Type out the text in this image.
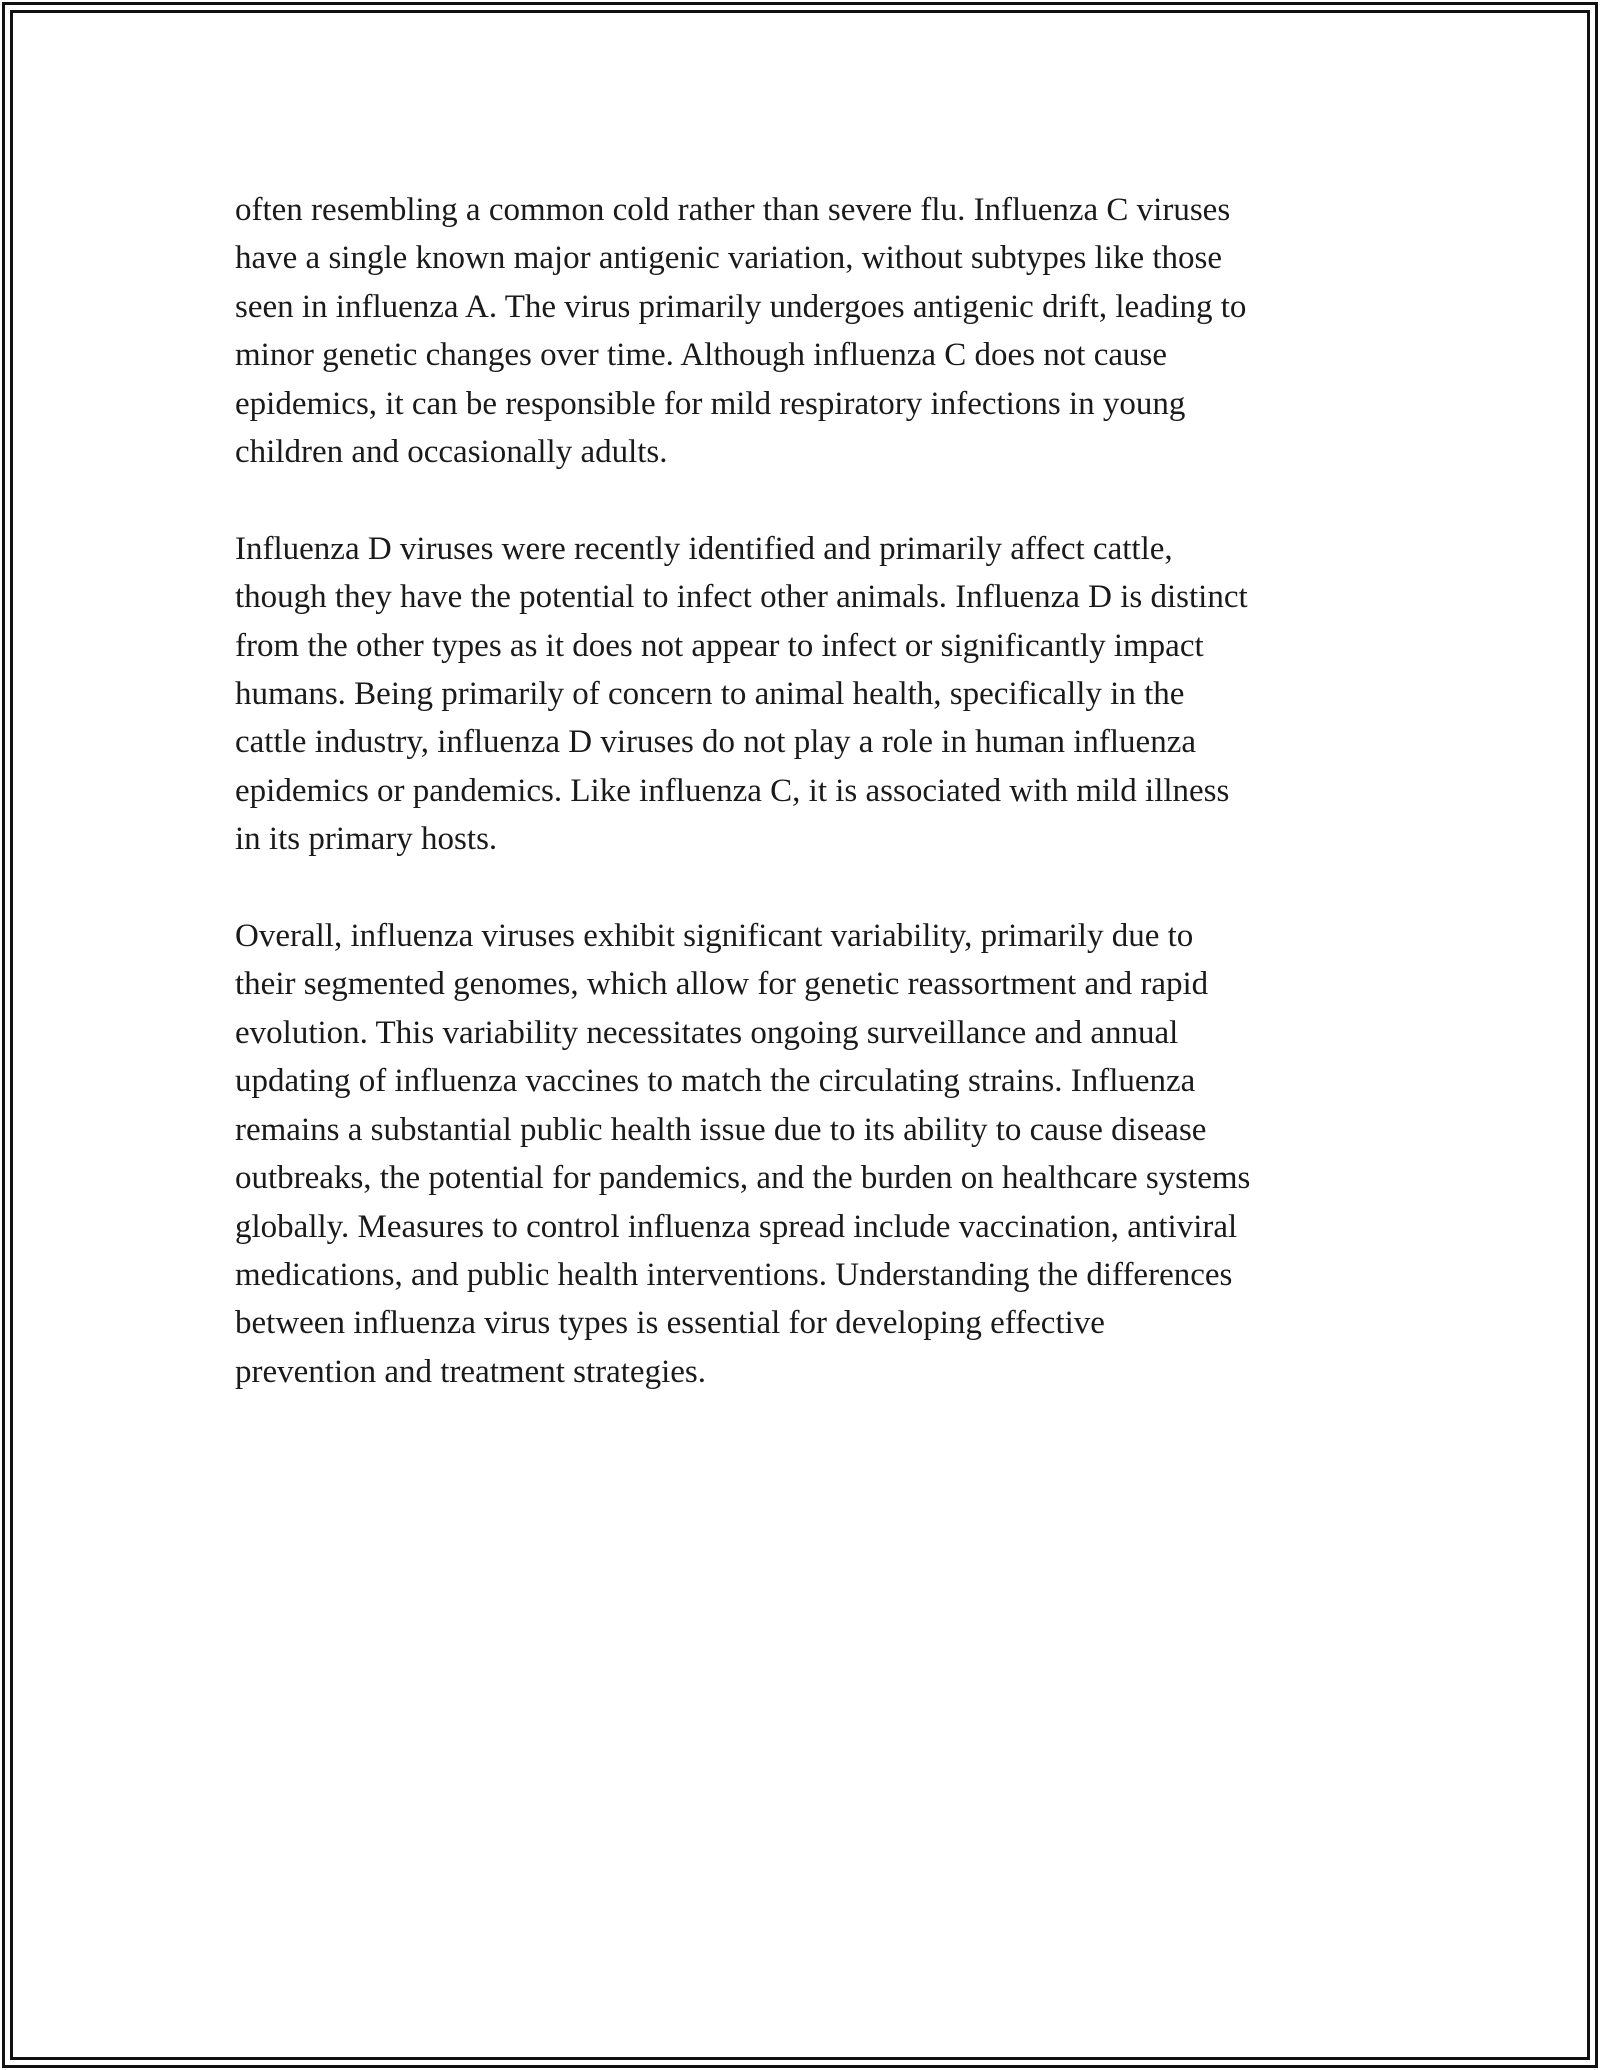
often resembling a common cold rather than severe flu. Influenza C viruses
have a single known major antigenic variation, without subtypes like those
seen in influenza A. The virus primarily undergoes antigenic drift, leading to
minor genetic changes over time. Although influenza C does not cause
epidemics, it can be responsible for mild respiratory infections in young
children and occasionally adults.

Influenza D viruses were recently identified and primarily affect cattle,
though they have the potential to infect other animals. Influenza D is distinct
from the other types as it does not appear to infect or significantly impact
humans. Being primarily of concern to animal health, specifically in the
cattle industry, influenza D viruses do not play a role in human influenza
epidemics or pandemics. Like influenza C, it is associated with mild illness
in its primary hosts.

Overall, influenza viruses exhibit significant variability, primarily due to
their segmented genomes, which allow for genetic reassortment and rapid
evolution. This variability necessitates ongoing surveillance and annual
updating of influenza vaccines to match the circulating strains. Influenza
remains a substantial public health issue due to its ability to cause disease
outbreaks, the potential for pandemics, and the burden on healthcare systems
globally. Measures to control influenza spread include vaccination, antiviral
medications, and public health interventions. Understanding the differences
between influenza virus types is essential for developing effective
prevention and treatment strategies.
